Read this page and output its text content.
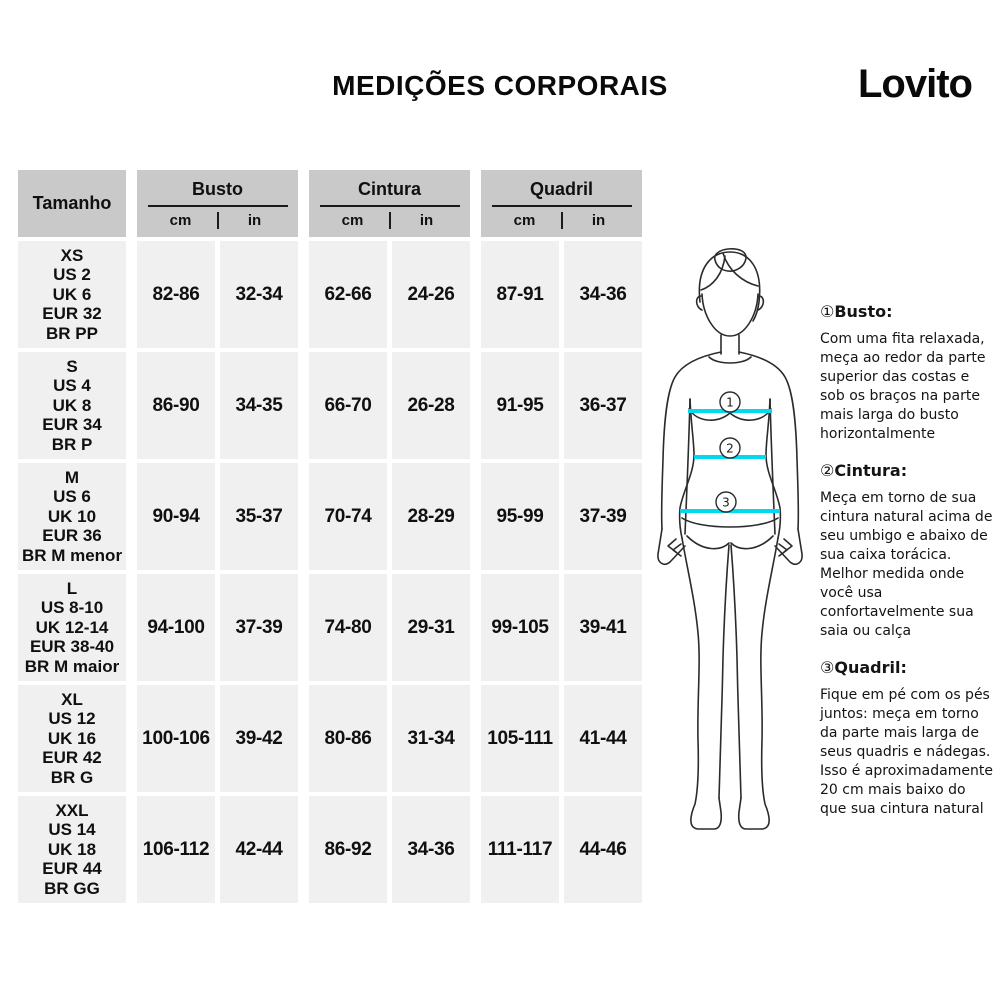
MEDIÇÕES CORPORAIS	Lovito
Tamanho
Busto
cm	in
Cintura
cm	in
Quadril
cm	in
XS
US 2
UK 6
EUR 32
BR PP
82-86	32-34	62-66	24-26	87-91	34-36
S
US 4
UK 8
EUR 34
BR P
86-90	34-35	66-70	26-28	91-95	36-37
M
US 6
UK 10
EUR 36
BR M menor
90-94	35-37	70-74	28-29	95-99	37-39
L
US 8-10
UK 12-14
EUR 38-40
BR M maior
94-100	37-39	74-80	29-31	99-105	39-41
XL
US 12
UK 16
EUR 42
BR G
100-106	39-42	80-86	31-34	105-111	41-44
XXL
US 14
UK 18
EUR 44
BR GG
106-112	42-44	86-92	34-36	111-117	44-46
1
2
3
①Busto:
Com uma fita relaxada, meça ao redor da parte superior das costas e sob os braços na parte mais larga do busto horizontalmente
②Cintura:
Meça em torno de sua cintura natural acima de seu umbigo e abaixo de sua caixa torácica. Melhor medida onde você usa confortavelmente sua saia ou calça
③Quadril:
Fique em pé com os pés juntos: meça em torno da parte mais larga de seus quadris e nádegas. Isso é aproximadamente 20 cm mais baixo do que sua cintura natural
